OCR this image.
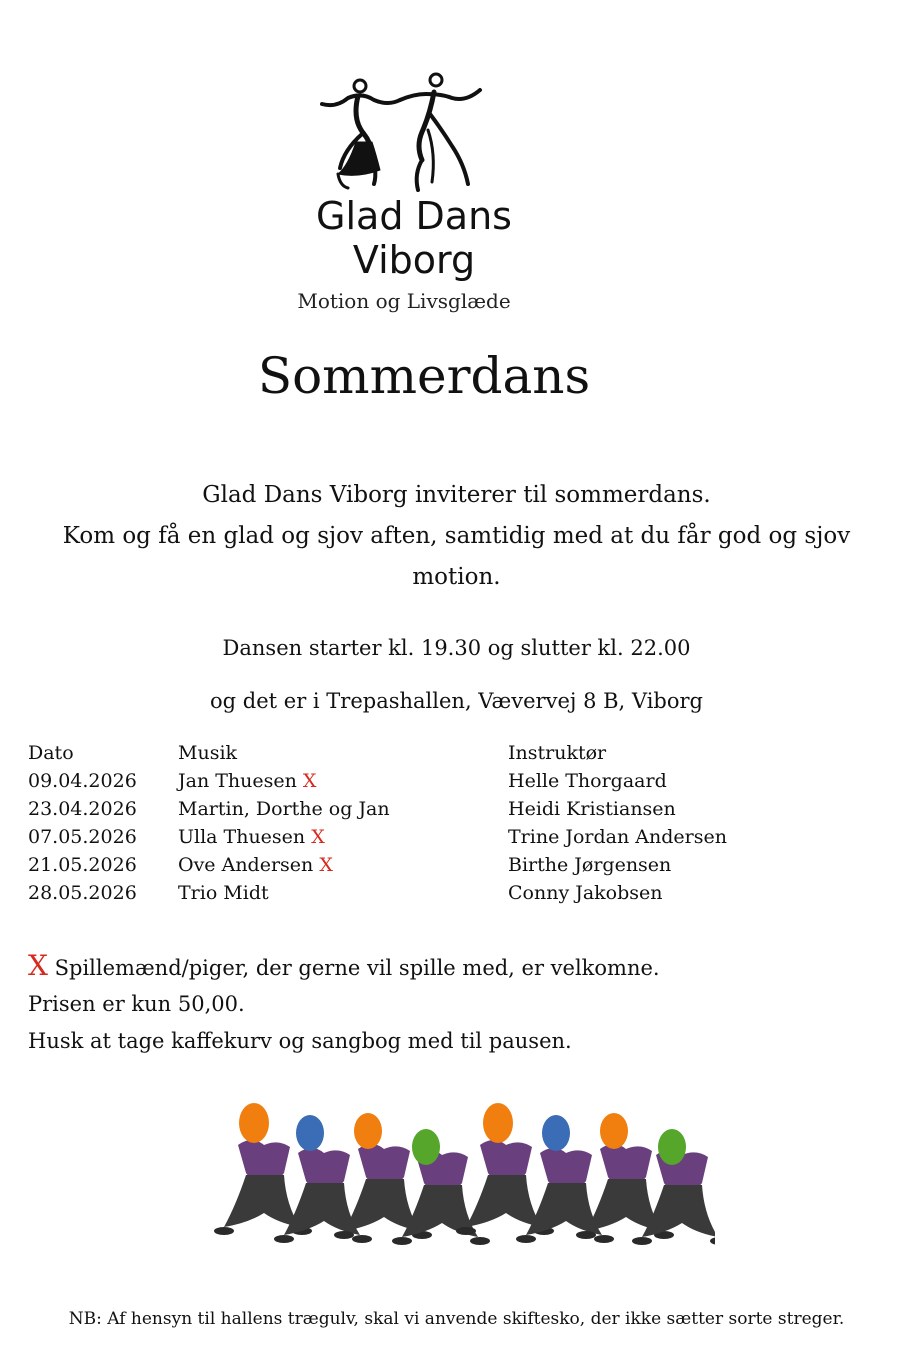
Glad Dans
Viborg
Motion og Livsglæde
Sommerdans
Glad Dans Viborg inviterer til sommerdans.
Kom og få en glad og sjov aften, samtidig med at du får god og sjov
motion.
Dansen starter kl. 19.30 og slutter kl. 22.00
og det er i Trepashallen, Vævervej 8 B, Viborg
Dato	Musik	Instruktør
09.04.2026 Jan Thuesen X	Helle Thorgaard
23.04.2026 Martin, Dorthe og Jan	Heidi Kristiansen
07.05.2026 Ulla Thuesen X	Trine Jordan Andersen
21.05.2026 Ove Andersen X	Birthe Jørgensen
28.05.2026 Trio Midt	Conny Jakobsen
X Spillemænd/piger, der gerne vil spille med, er velkomne.
Prisen er kun 50,00.
Husk at tage kaffekurv og sangbog med til pausen.
NB: Af hensyn til hallens trægulv, skal vi anvende skiftesko, der ikke sætter sorte streger.
